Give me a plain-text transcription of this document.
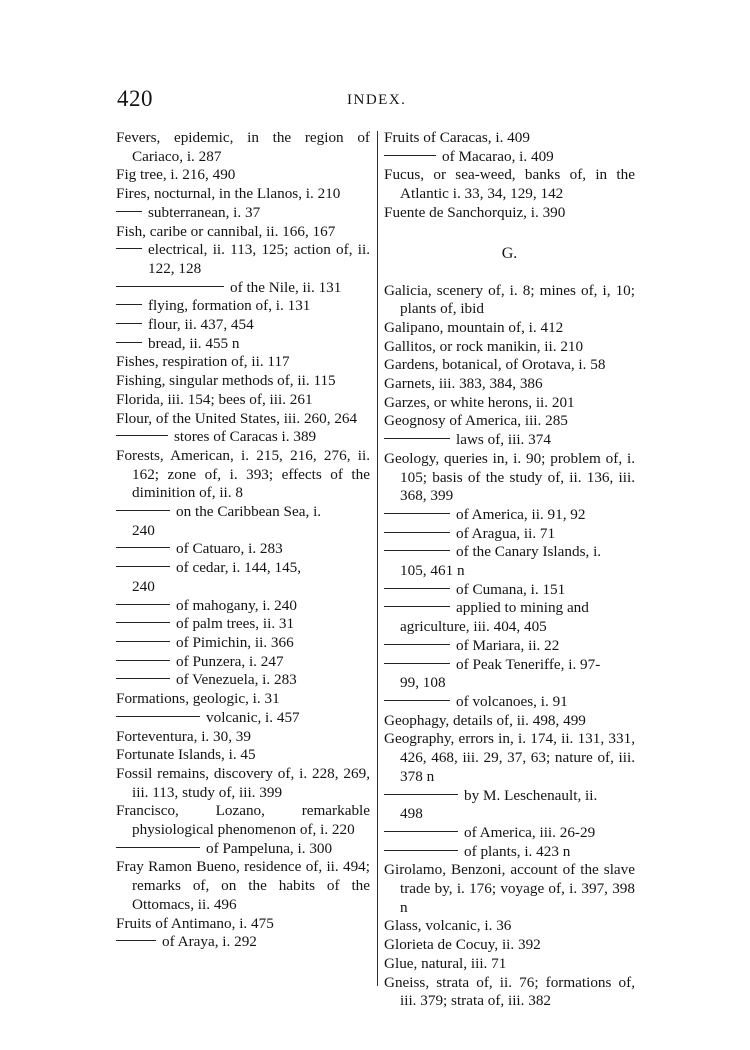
420	INDEX.
Fevers, epidemic, in the region of Cariaco, i. 287
Fig tree, i. 216, 490
Fires, nocturnal, in the Llanos, i. 210
subterranean, i. 37
Fish, caribe or cannibal, ii. 166, 167
electrical, ii. 113, 125; action of, ii. 122, 128
of the Nile, ii. 131
flying, formation of, i. 131
flour, ii. 437, 454
bread, ii. 455 n
Fishes, respiration of, ii. 117
Fishing, singular methods of, ii. 115
Florida, iii. 154; bees of, iii. 261
Flour, of the United States, iii. 260, 264
stores of Caracas i. 389
Forests, American, i. 215, 216, 276, ii. 162; zone of, i. 393; effects of the diminition of, ii. 8
on the Caribbean Sea, i.
240
of Catuaro, i. 283
of cedar, i. 144, 145,
240
of mahogany, i. 240
of palm trees, ii. 31
of Pimichin, ii. 366
of Punzera, i. 247
of Venezuela, i. 283
Formations, geologic, i. 31
volcanic, i. 457
Forteventura, i. 30, 39
Fortunate Islands, i. 45
Fossil remains, discovery of, i. 228, 269, iii. 113, study of, iii. 399
Francisco, Lozano, remarkable physiological phenomenon of, i. 220
of Pampeluna, i. 300
Fray Ramon Bueno, residence of, ii. 494; remarks of, on the habits of the Ottomacs, ii. 496
Fruits of Antimano, i. 475
of Araya, i. 292
Fruits of Caracas, i. 409
of Macarao, i. 409
Fucus, or sea-weed, banks of, in the Atlantic i. 33, 34, 129, 142
Fuente de Sanchorquiz, i. 390
G.
Galicia, scenery of, i. 8; mines of, i, 10; plants of, ibid
Galipano, mountain of, i. 412
Gallitos, or rock manikin, ii. 210
Gardens, botanical, of Orotava, i. 58
Garnets, iii. 383, 384, 386
Garzes, or white herons, ii. 201
Geognosy of America, iii. 285
laws of, iii. 374
Geology, queries in, i. 90; problem of, i. 105; basis of the study of, ii. 136, iii. 368, 399
of America, ii. 91, 92
of Aragua, ii. 71
of the Canary Islands, i.
105, 461 n
of Cumana, i. 151
applied to mining and
agriculture, iii. 404, 405
of Mariara, ii. 22
of Peak Teneriffe, i. 97-
99, 108
of volcanoes, i. 91
Geophagy, details of, ii. 498, 499
Geography, errors in, i. 174, ii. 131, 331, 426, 468, iii. 29, 37, 63; nature of, iii. 378 n
by M. Leschenault, ii.
498
of America, iii. 26-29
of plants, i. 423 n
Girolamo, Benzoni, account of the slave trade by, i. 176; voyage of, i. 397, 398 n
Glass, volcanic, i. 36
Glorieta de Cocuy, ii. 392
Glue, natural, iii. 71
Gneiss, strata of, ii. 76; formations of, iii. 379; strata of, iii. 382
